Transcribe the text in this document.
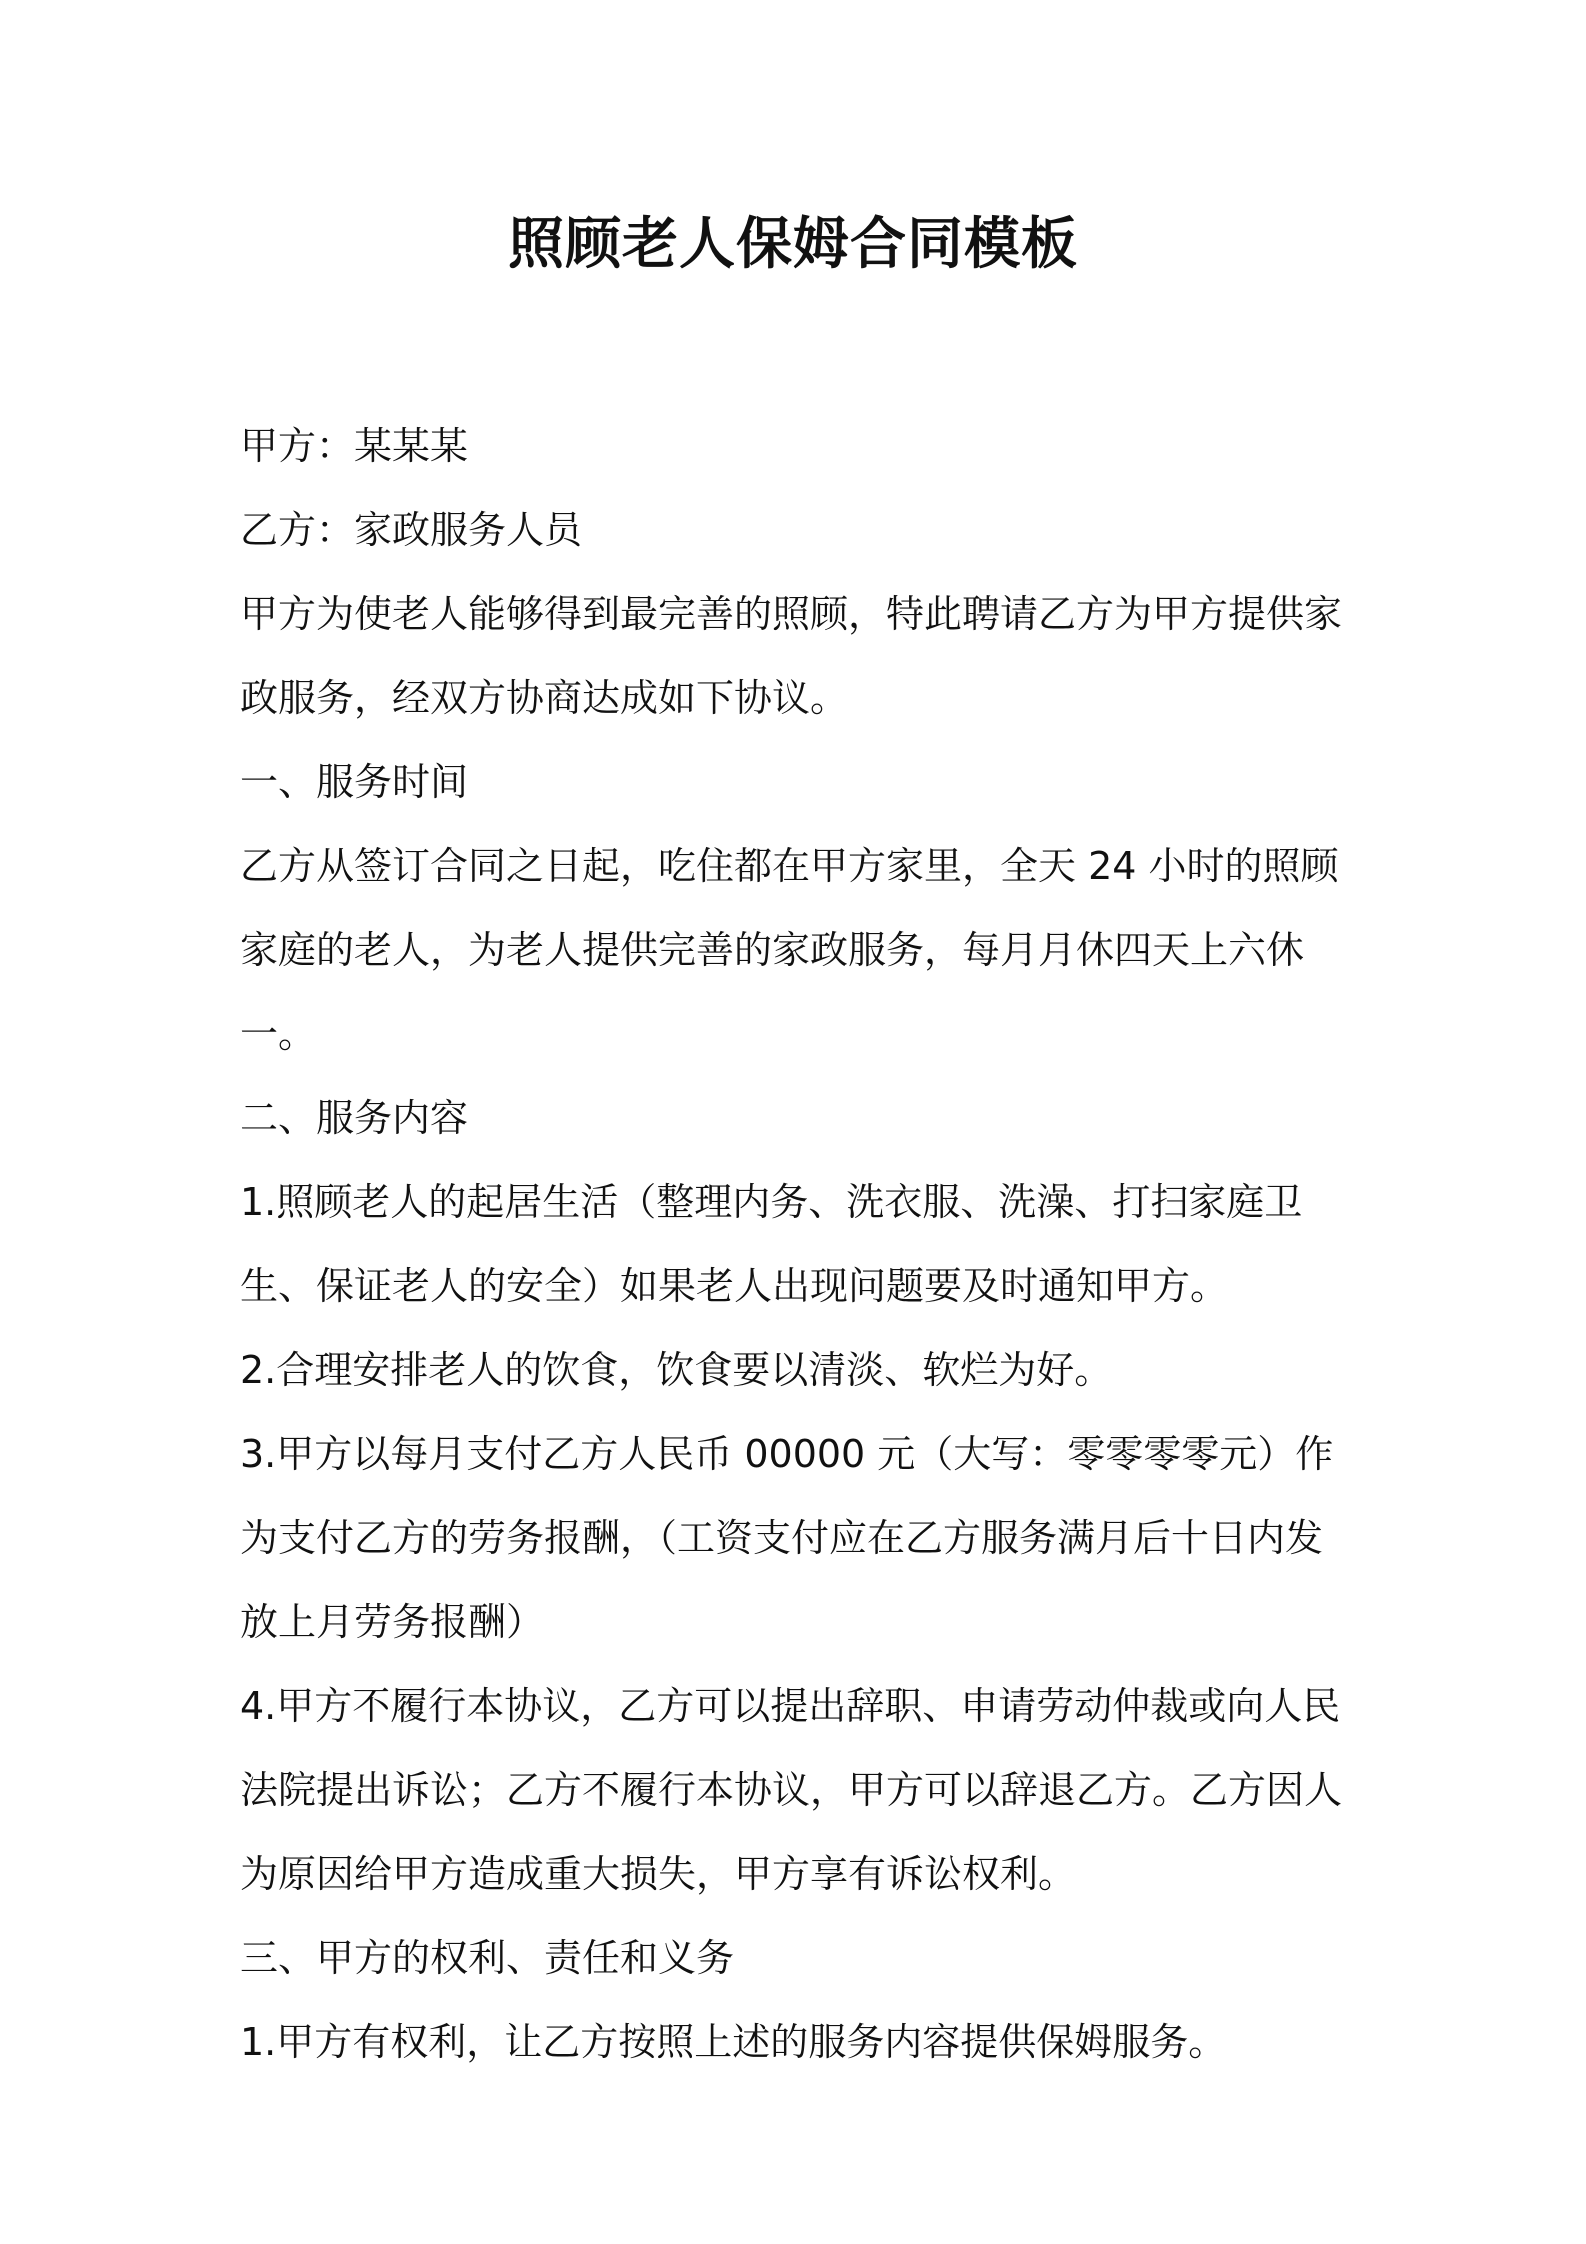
照顾老人保姆合同模板

甲方：某某某

乙方：家政服务人员

甲方为使老人能够得到最完善的照顾，特此聘请乙方为甲方提供家政服务，经双方协商达成如下协议。

一、服务时间

乙方从签订合同之日起，吃住都在甲方家里，全天 24 小时的照顾家庭的老人，为老人提供完善的家政服务，每月月休四天上六休一。

二、服务内容

1.照顾老人的起居生活（整理内务、洗衣服、洗澡、打扫家庭卫生、保证老人的安全）如果老人出现问题要及时通知甲方。

2.合理安排老人的饮食，饮食要以清淡、软烂为好。

3.甲方以每月支付乙方人民币 00000 元（大写：零零零零元）作为支付乙方的劳务报酬，（工资支付应在乙方服务满月后十日内发放上月劳务报酬）

4.甲方不履行本协议，乙方可以提出辞职、申请劳动仲裁或向人民法院提出诉讼；乙方不履行本协议，甲方可以辞退乙方。乙方因人为原因给甲方造成重大损失，甲方享有诉讼权利。

三、甲方的权利、责任和义务

1.甲方有权利，让乙方按照上述的服务内容提供保姆服务。
